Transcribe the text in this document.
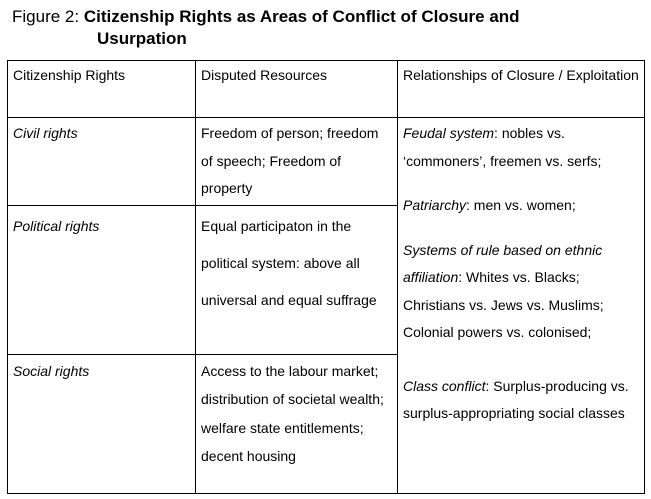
Figure 2: Citizenship Rights as Areas of Conflict of Closure and
Usurpation
Citizenship Rights	Disputed Resources	Relationships of Closure / Exploitation
Civil rights	Freedom of person; freedom of speech; Freedom of property	Feudal system: nobles vs. ‘commoners’, freemen vs. serfs;
Patriarchy: men vs. women;
Systems of rule based on ethnic affiliation: Whites vs. Blacks; Christians vs. Jews vs. Muslims; Colonial powers vs. colonised;
Class conflict: Surplus-producing vs. surplus-appropriating social classes

Political rights	Equal participaton in the political system: above all universal and equal suffrage	
Social rights	Access to the labour market; distribution of societal wealth; welfare state entitlements; decent housing	
